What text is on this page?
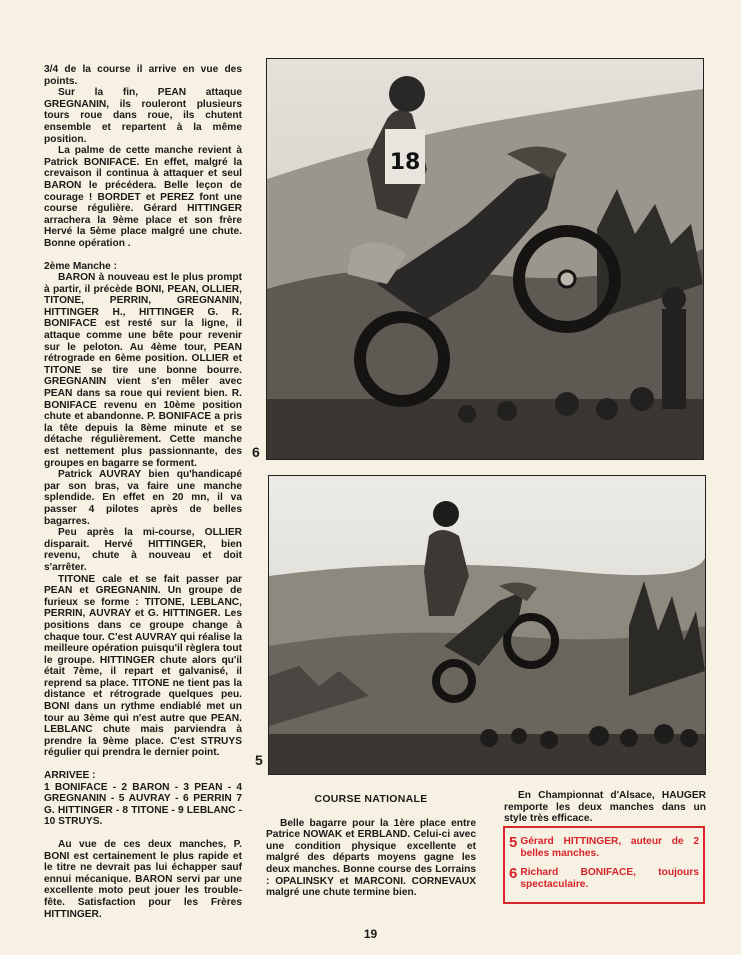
3/4 de la course il arrive en vue des points.

Sur la fin, PEAN attaque GREGNANIN, ils rouleront plusieurs tours roue dans roue, ils chutent ensemble et repartent à la même position.

La palme de cette manche revient à Patrick BONIFACE. En effet, malgré la crevaison il continua à attaquer et seul BARON le précédera. Belle leçon de courage ! BORDET et PEREZ font une course régulière. Gérard HITTINGER arrachera la 9ème place et son frère Hervé la 5ème place malgré une chute. Bonne opération .

2ème Manche :

BARON à nouveau est le plus prompt à partir, il précède BONI, PEAN, OLLIER, TITONE, PERRIN, GREGNANIN, HITTINGER H., HITTINGER G. R. BONIFACE est resté sur la ligne, il attaque comme une bête pour revenir sur le peloton. Au 4ème tour, PEAN rétrograde en 6ème position. OLLIER et TITONE se tire une bonne bourre. GREGNANIN vient s'en mêler avec PEAN dans sa roue qui revient bien. R. BONIFACE revenu en 10ème position chute et abandonne. P. BONIFACE a pris la tête depuis la 8ème minute et se détache régulièrement. Cette manche est nettement plus passionnante, des groupes en bagarre se forment.

Patrick AUVRAY bien qu'handicapé par son bras, va faire une manche splendide. En effet en 20 mn, il va passer 4 pilotes après de belles bagarres.

Peu après la mi-course, OLLIER disparait. Hervé HITTINGER, bien revenu, chute à nouveau et doit s'arrêter.

TITONE cale et se fait passer par PEAN et GREGNANIN. Un groupe de furieux se forme : TITONE, LEBLANC, PERRIN, AUVRAY et G. HITTINGER. Les positions dans ce groupe change à chaque tour. C'est AUVRAY qui réalise la meilleure opération puisqu'il règlera tout le groupe. HITTINGER chute alors qu'il était 7ème, il repart et galvanisé, il reprend sa place. TITONE ne tient pas la distance et rétrograde quelques peu. BONI dans un rythme endiablé met un tour au 3ème qui n'est autre que PEAN. LEBLANC chute mais parviendra à prendre la 9ème place. C'est STRUYS régulier qui prendra le dernier point.

ARRIVEE :

1 BONIFACE - 2 BARON - 3 PEAN - 4 GREGNANIN - 5 AUVRAY - 6 PERRIN 7 G. HITTINGER - 8 TITONE - 9 LEBLANC - 10 STRUYS.

Au vue de ces deux manches, P. BONI est certainement le plus rapide et le titre ne devrait pas lui échapper sauf ennui mécanique. BARON servi par une excellente moto peut jouer les trouble-fête. Satisfaction pour les Frères HITTINGER.

18
6
5
COURSE NATIONALE

Belle bagarre pour la 1ère place entre Patrice NOWAK et ERBLAND. Celui-ci avec une condition physique excellente et malgré des départs moyens gagne les deux manches. Bonne course des Lorrains : OPALINSKY et MARCONI. CORNEVAUX malgré une chute termine bien.

En Championnat d'Alsace, HAUGER remporte les deux manches dans un style très efficace.

5 Gérard HITTINGER, auteur de 2 belles manches.
6 Richard BONIFACE, toujours spectaculaire.
19
